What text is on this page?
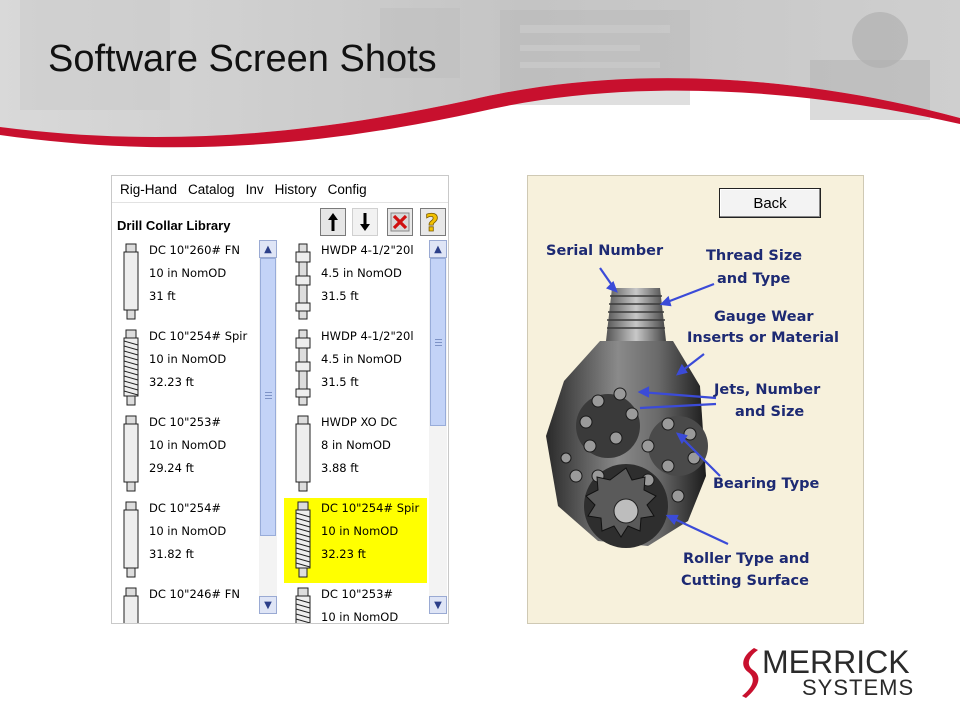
Software Screen Shots
Rig-Hand Catalog Inv History Config
Drill Collar Library	?
DC 10"260# FN
10 in NomOD
31 ft
DC 10"254# Spir
10 in NomOD
32.23 ft
DC 10"253#
10 in NomOD
29.24 ft
DC 10"254#
10 in NomOD
31.82 ft
DC 10"246# FN
▲
▼
HWDP 4-1/2"20l
4.5 in NomOD
31.5 ft
HWDP 4-1/2"20l
4.5 in NomOD
31.5 ft
HWDP XO DC
8 in NomOD
3.88 ft
DC 10"254# Spir
10 in NomOD
32.23 ft
DC 10"253#
10 in NomOD
▲
▼
Back
Serial Number	Thread Size
and Type
Gauge Wear
Inserts or Material
Jets, Number
and Size
Bearing Type
Roller Type and
Cutting Surface
MERRICK
SYSTEMS
